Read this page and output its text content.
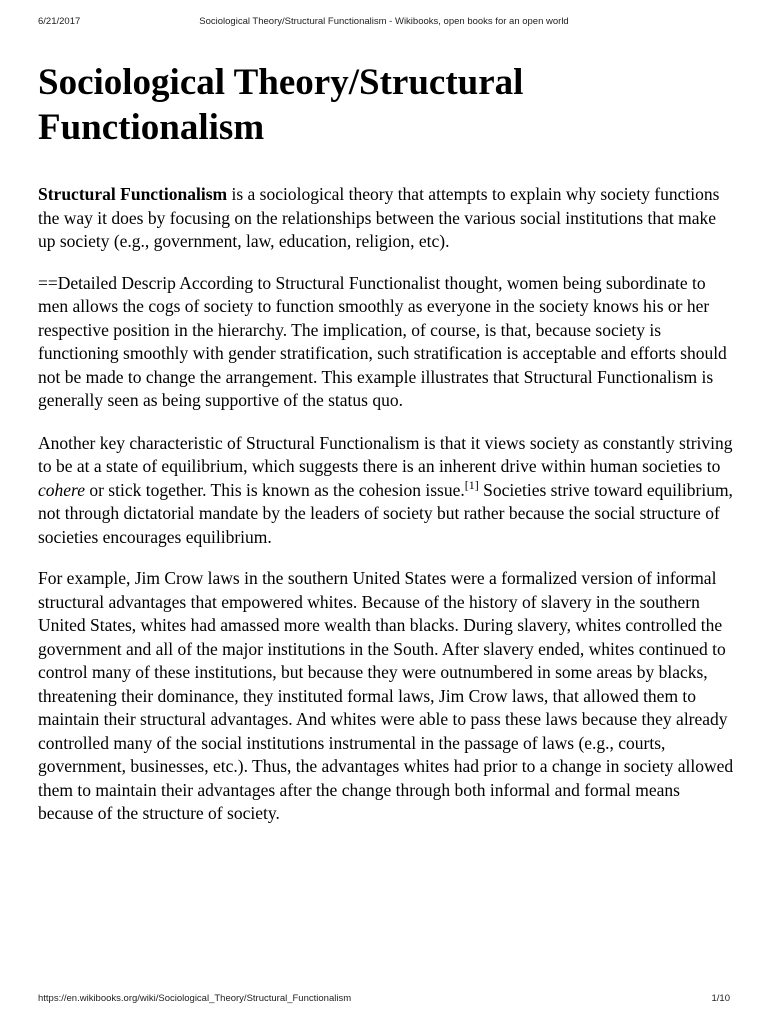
6/21/2017	Sociological Theory/Structural Functionalism - Wikibooks, open books for an open world
Sociological Theory/Structural
Functionalism

Structural Functionalism is a sociological theory that attempts to explain why society functions the way it does by focusing on the relationships between the various social institutions that make up society (e.g., government, law, education, religion, etc).

==Detailed Descrip According to Structural Functionalist thought, women being subordinate to men allows the cogs of society to function smoothly as everyone in the society knows his or her respective position in the hierarchy. The implication, of course, is that, because society is functioning smoothly with gender stratification, such stratification is acceptable and efforts should not be made to change the arrangement. This example illustrates that Structural Functionalism is generally seen as being supportive of the status quo.

Another key characteristic of Structural Functionalism is that it views society as constantly striving to be at a state of equilibrium, which suggests there is an inherent drive within human societies to cohere or stick together. This is known as the cohesion issue.[1] Societies strive toward equilibrium, not through dictatorial mandate by the leaders of society but rather because the social structure of societies encourages equilibrium.

For example, Jim Crow laws in the southern United States were a formalized version of informal structural advantages that empowered whites. Because of the history of slavery in the southern United States, whites had amassed more wealth than blacks. During slavery, whites controlled the government and all of the major institutions in the South. After slavery ended, whites continued to control many of these institutions, but because they were outnumbered in some areas by blacks, threatening their dominance, they instituted formal laws, Jim Crow laws, that allowed them to maintain their structural advantages. And whites were able to pass these laws because they already controlled many of the social institutions instrumental in the passage of laws (e.g., courts, government, businesses, etc.). Thus, the advantages whites had prior to a change in society allowed them to maintain their advantages after the change through both informal and formal means because of the structure of society.

https://en.wikibooks.org/wiki/Sociological_Theory/Structural_Functionalism	1/10
